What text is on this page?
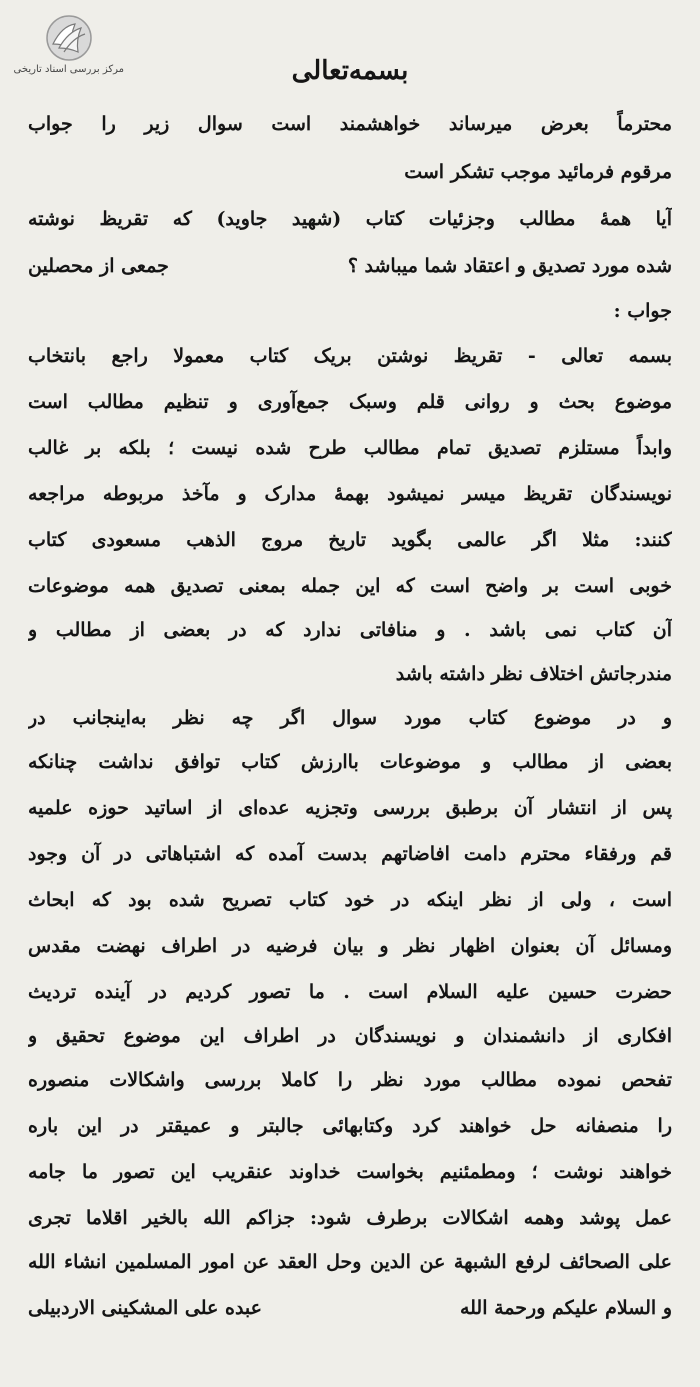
مرکز بررسی اسناد تاریخی	بسمه‌تعالی
محترماً بعرض میرساند خواهشمند است سوال زیر را جواب
مرقوم فرمائید موجب تشکر است
آیا همهٔ مطالب وجزئیات کتاب (شهید جاوید) که تقریظ نوشته
شده مورد تصدیق و اعتقاد شما میباشد ؟
جمعی از محصلین
جواب :
بسمه تعالی - تقریظ نوشتن بریک کتاب معمولا راجع بانتخاب
موضوع بحث و روانی قلم وسبک جمع‌آوری و تنظیم مطالب است
وابداً مستلزم تصدیق تمام مطالب طرح شده نیست ؛ بلکه بر غالب
نویسندگان تقریظ میسر نمیشود بهمهٔ مدارک و مآخذ مربوطه مراجعه
کنند: مثلا اگر عالمی بگوید تاریخ مروج الذهب مسعودی کتاب
خوبی است بر واضح است که این جمله بمعنی تصدیق همه موضوعات
آن کتاب نمی باشد . و منافاتی ندارد که در بعضی از مطالب و
مندرجاتش اختلاف نظر داشته باشد
و در موضوع کتاب مورد سوال اگر چه نظر به‌اینجانب در
بعضی از مطالب و موضوعات باارزش کتاب توافق نداشت چنانکه
پس از انتشار آن برطبق بررسی وتجزیه عده‌ای از اساتید حوزه علمیه
قم ورفقاء محترم دامت افاضاتهم بدست آمده که اشتباهاتی در آن وجود
است ، ولی از نظر اینکه در خود کتاب تصریح شده بود که ابحاث
ومسائل آن بعنوان اظهار نظر و بیان فرضیه در اطراف نهضت مقدس
حضرت حسین علیه السلام است . ما تصور کردیم در آینده تردیث
افکاری از دانشمندان و نویسندگان در اطراف این موضوع تحقیق و
تفحص نموده مطالب مورد نظر را کاملا بررسی واشکالات منصوره
را منصفانه حل خواهند کرد وکتابهائی جالبتر و عمیقتر در این باره
خواهند نوشت ؛ ومطمئنیم بخواست خداوند عنقریب این تصور ما جامه
عمل پوشد وهمه اشکالات برطرف شود: جزاکم الله بالخیر اقلاما تجری
علی الصحائف لرفع الشبهة عن الدین وحل العقد عن امور المسلمین انشاء الله
و السلام علیکم ورحمة الله
عبده علی المشکینی الاردبیلی
